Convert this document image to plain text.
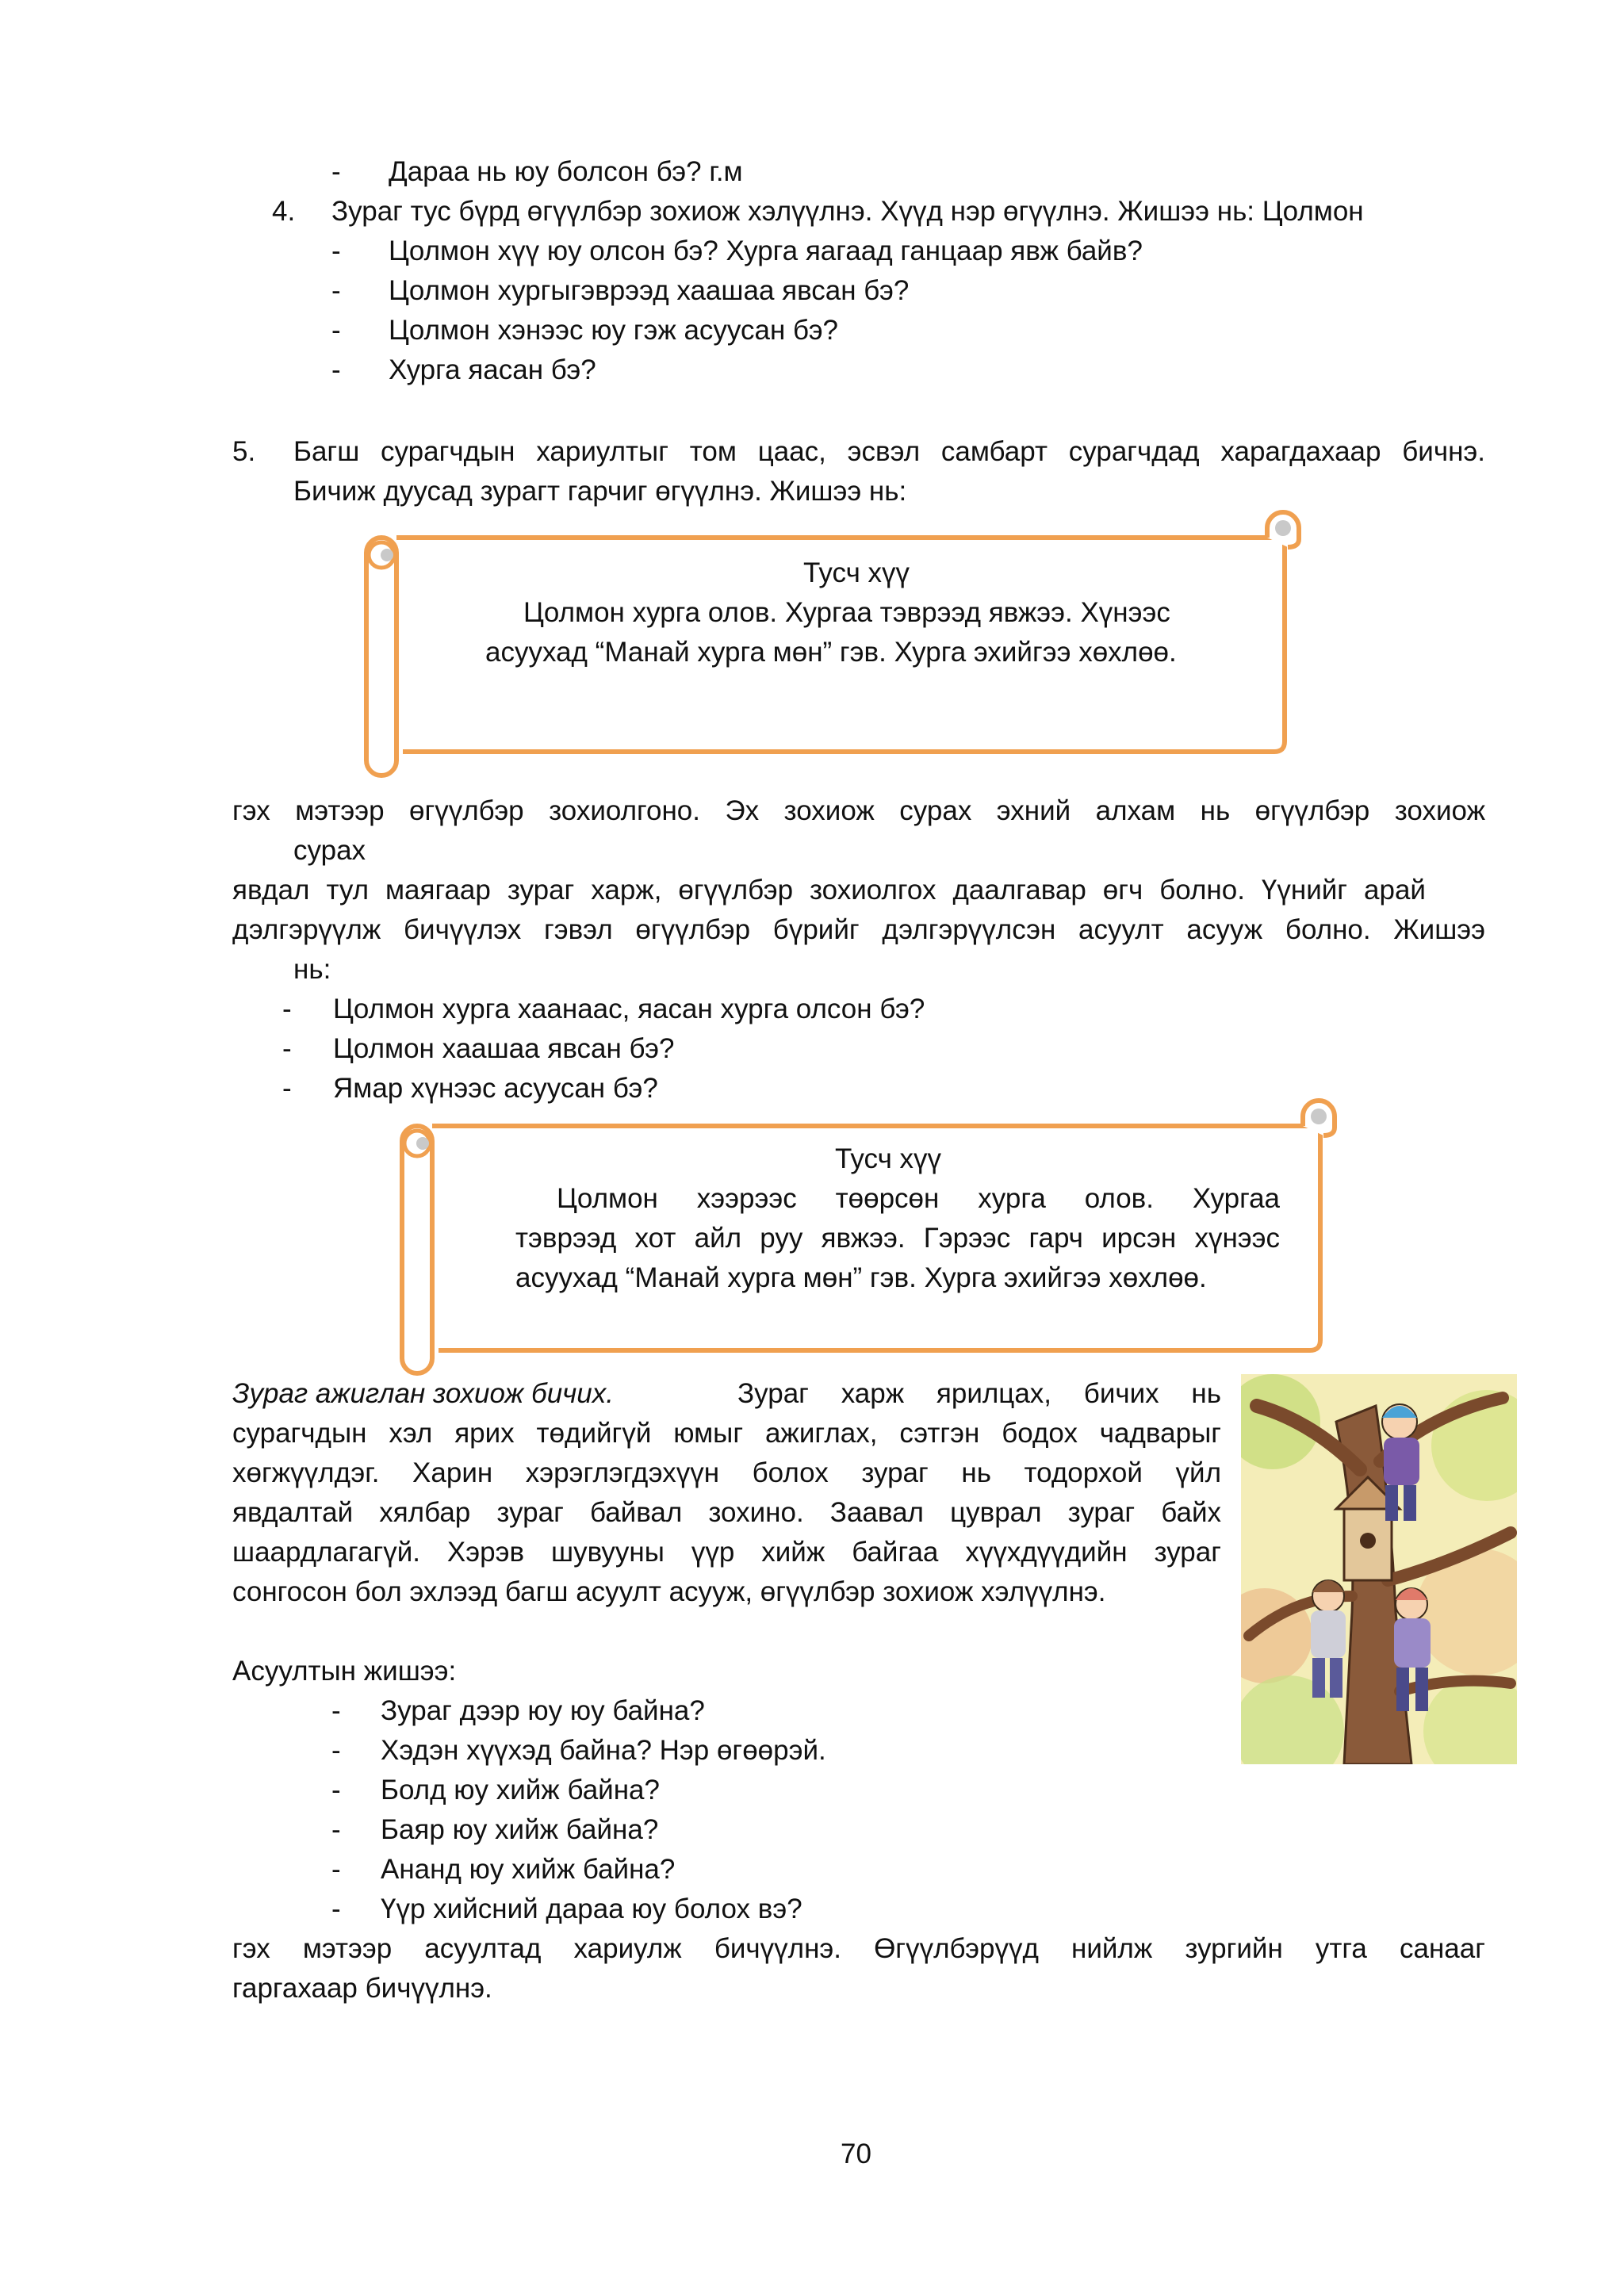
- Дараа нь юу болсон бэ? г.м
4. Зураг тус бүрд өгүүлбэр зохиож хэлүүлнэ. Хүүд нэр өгүүлнэ. Жишээ нь: Цолмон
- Цолмон хүү юу олсон бэ? Хурга яагаад ганцаар явж байв?
- Цолмон хургыгэврээд хаашаа явсан бэ?
- Цолмон хэнээс юу гэж асуусан бэ?
- Хурга яасан бэ?
5. Багш сурагчдын хариултыг том цаас, эсвэл самбарт сурагчдад харагдахаар бичнэ.
Бичиж дуусад зурагт гарчиг өгүүлнэ. Жишээ нь:
Тусч хүү
Цолмон хурга олов. Хургаа тэврээд явжээ. Хүнээс
асуухад “Манай хурга мөн” гэв. Хурга эхийгээ хөхлөө.
гэх мэтээр өгүүлбэр зохиолгоно. Эх зохиож сурах эхний алхам нь өгүүлбэр зохиож
сурах
явдал тул маягаар зураг харж, өгүүлбэр зохиолгох даалгавар өгч болно. Үүнийг арай
дэлгэрүүлж бичүүлэх гэвэл өгүүлбэр бүрийг дэлгэрүүлсэн асуулт асууж болно. Жишээ
нь:
- Цолмон хурга хаанаас, яасан хурга олсон бэ?
- Цолмон хаашаа явсан бэ?
- Ямар хүнээс асуусан бэ?
Тусч хүү
Цолмон хээрээс төөрсөн хурга олов. Хургаа
тэврээд хот айл руу явжээ. Гэрээс гарч ирсэн хүнээс
асуухад “Манай хурга мөн” гэв. Хурга эхийгээ хөхлөө.
Зураг ажиглан зохиож бичих.	Зураг харж ярилцах, бичих нь
сурагчдын хэл ярих төдийгүй юмыг ажиглах, сэтгэн бодох чадварыг
хөгжүүлдэг. Харин хэрэглэгдэхүүн болох зураг нь тодорхой үйл
явдалтай хялбар зураг байвал зохино. Заавал цуврал зураг байх
шаардлагагүй. Хэрэв шувууны үүр хийж байгаа хүүхдүүдийн зураг
сонгосон бол эхлээд багш асуулт асууж, өгүүлбэр зохиож хэлүүлнэ.
Асуултын жишээ:
- Зураг дээр юу юу байна?
- Хэдэн хүүхэд байна? Нэр өгөөрэй.
- Болд юу хийж байна?
- Баяр юу хийж байна?
- Ананд юу хийж байна?
- Үүр хийсний дараа юу болох вэ?
гэх мэтээр асуултад хариулж бичүүлнэ. Өгүүлбэрүүд нийлж зургийн утга санааг
гаргахаар бичүүлнэ.
70
